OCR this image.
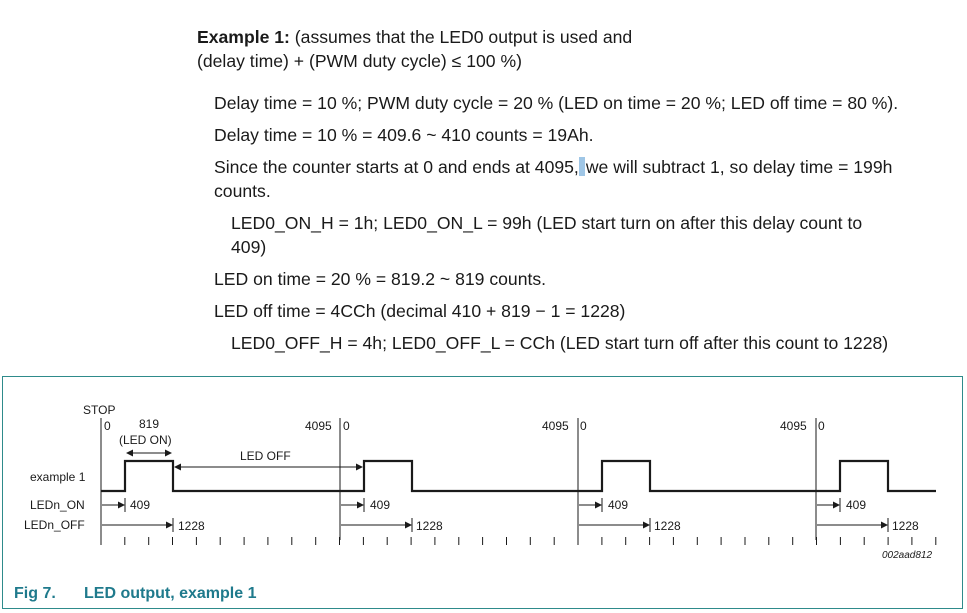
Example 1: (assumes that the LED0 output is used and
(delay time) + (PWM duty cycle) ≤ 100 %)
Delay time = 10 %; PWM duty cycle = 20 % (LED on time = 20 %; LED off time = 80 %).
Delay time = 10 % = 409.6 ~ 410 counts = 19Ah.
Since the counter starts at 0 and ends at 4095, we will subtract 1, so delay time = 199h
counts.
LED0_ON_H = 1h; LED0_ON_L = 99h (LED start turn on after this delay count to
409)
LED on time = 20 % = 819.2 ~ 819 counts.
LED off time = 4CCh (decimal 410 + 819 − 1 = 1228)
LED0_OFF_H = 4h; LED0_OFF_L = CCh (LED start turn off after this count to 1228)
STOP
0 819
(LED ON)
LED OFF
4095 0	4095 0	4095 0
example 1
LEDn_ON
LEDn_OFF
409	409	409	409
1228	1228	1228	1228
002aad812
Fig 7. LED output, example 1
